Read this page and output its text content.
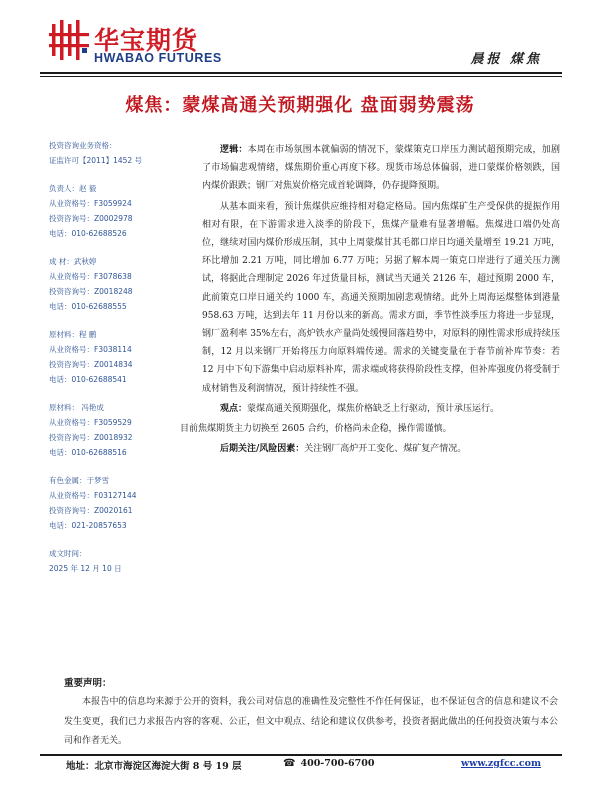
华宝期货
HWABAO FUTURES	晨报 煤焦
煤焦：蒙煤高通关预期强化 盘面弱势震荡
投资咨询业务资格：
证监许可【2011】1452 号
负责人：赵 毅
从业资格号：F3059924
投资咨询号：Z0002978
电话：010-62688526
成 材：武秋婷
从业资格号：F3078638
投资咨询号：Z0018248
电话：010-62688555
原材料：程 鹏
从业资格号：F3038114
投资咨询号：Z0014834
电话：010-62688541
原材料： 冯艳成
从业资格号：F3059529
投资咨询号：Z0018932
电话：010-62688516
有色金属：于梦雪
从业资格号：F03127144
投资咨询号：Z0020161
电话：021-20857653
成文时间：
2025 年 12 月 10 日

逻辑：本周在市场氛围本就偏弱的情况下，蒙煤策克口岸压力测试超预期完成，加剧了市场偏悲观情绪，煤焦期价重心再度下移。现货市场总体偏弱，进口蒙煤价格领跌，国内煤价跟跌；钢厂对焦炭价格完成首轮调降，仍存提降预期。

从基本面来看，预计焦煤供应维持相对稳定格局。国内焦煤矿生产受保供的提振作用相对有限，在下游需求进入淡季的阶段下，焦煤产量难有显著增幅。焦煤进口端仍处高位，继续对国内煤价形成压制，其中上周蒙煤甘其毛都口岸日均通关量增至 19.21 万吨，环比增加 2.21 万吨，同比增加 6.77 万吨；另据了解本周一策克口岸进行了通关压力测试，将据此合理制定 2026 年过货量目标，测试当天通关 2126 车，超过预期 2000 车，此前策克口岸日通关约 1000 车，高通关预期加剧悲观情绪。此外上周海运煤整体到港量 958.63 万吨，达到去年 11 月份以来的新高。需求方面，季节性淡季压力将进一步显现，钢厂盈利率 35%左右，高炉铁水产量尚处缓慢回落趋势中，对原料的刚性需求形成持续压制，12 月以来钢厂开始将压力向原料端传递。需求的关键变量在于春节前补库节奏：若 12 月中下旬下游集中启动原料补库，需求端或将获得阶段性支撑，但补库强度仍将受制于成材销售及利润情况，预计持续性不强。

观点：蒙煤高通关预期强化，煤焦价格缺乏上行驱动，预计承压运行。

目前焦煤期货主力切换至 2605 合约，价格尚未企稳，操作需谨慎。

后期关注/风险因素：关注钢厂高炉开工变化、煤矿复产情况。

重要声明：
本报告中的信息均来源于公开的资料，我公司对信息的准确性及完整性不作任何保证，也不保证包含的信息和建议不会发生变更，我们已力求报告内容的客观、公正，但文中观点、结论和建议仅供参考，投资者据此做出的任何投资决策与本公司和作者无关。
地址：北京市海淀区海淀大街 8 号 19 层	☎ 400-700-6700	www.zgfcc.com
